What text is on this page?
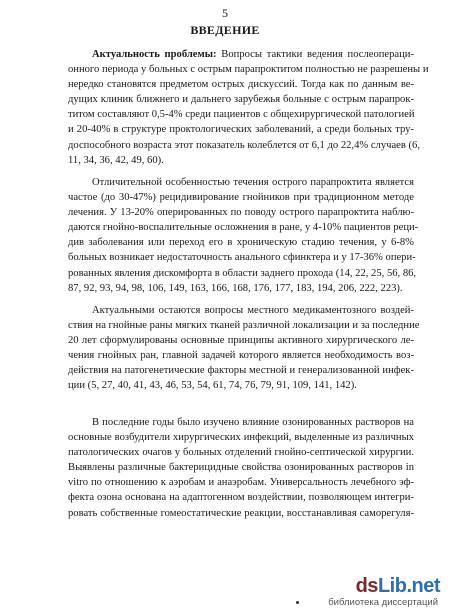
5
ВВЕДЕНИЕ
Актуальность проблемы: Вопросы тактики ведения послеопераци-
онного периода у больных с острым парапроктитом полностью не разрешены и
нередко становятся предметом острых дискуссий. Тогда как по данным ве-
дущих клиник ближнего и дальнего зарубежья больные с острым парапрок-
титом составляют 0,5-4% среди пациентов с общехирургической патологией
и 20-40% в структуре проктологических заболеваний, а среди больных тру-
доспособного возраста этот показатель колеблется от 6,1 до 22,4% случаев (6,
11, 34, 36, 42, 49, 60).
Отличительной особенностью течения острого парапроктита является
частое (до 30-47%) рецидивирование гнойников при традиционном методе
лечения. У 13-20% оперированных по поводу острого парапроктита наблю-
даются гнойно-воспалительные осложнения в ране, у 4-10% пациентов реци-
див заболевания или переход его в хроническую стадию течения, у 6-8%
больных возникает недостаточность анального сфинктера и у 17-36% опери-
рованных явления дискомфорта в области заднего прохода (14, 22, 25, 56, 86,
87, 92, 93, 94, 98, 106, 149, 163, 166, 168, 176, 177, 183, 194, 206, 222, 223).
Актуальными остаются вопросы местного медикаментозного воздей-
ствия на гнойные раны мягких тканей различной локализации и за последние
20 лет сформулированы основные принципы активного хирургического ле-
чения гнойных ран, главной задачей которого является необходимость воз-
действия на патогенетические факторы местной и генерализованной инфек-
ции (5, 27, 40, 41, 43, 46, 53, 54, 61, 74, 76, 79, 91, 109, 141, 142).
В последние годы было изучено влияние озонированных растворов на
основные возбудители хирургических инфекций, выделенные из различных
патологических очагов у больных отделений гнойно-септической хирургии.
Выявлены различные бактерицидные свойства озонированных растворов in
vitro по отношению к аэробам и анаэробам. Универсальность лечебного эф-
фекта озона основана на адаптогенном воздействии, позволяющем интегри-
ровать собственные гомеостатические реакции, восстанавливая саморегуля-
dsLib.net
библиотека диссертаций
